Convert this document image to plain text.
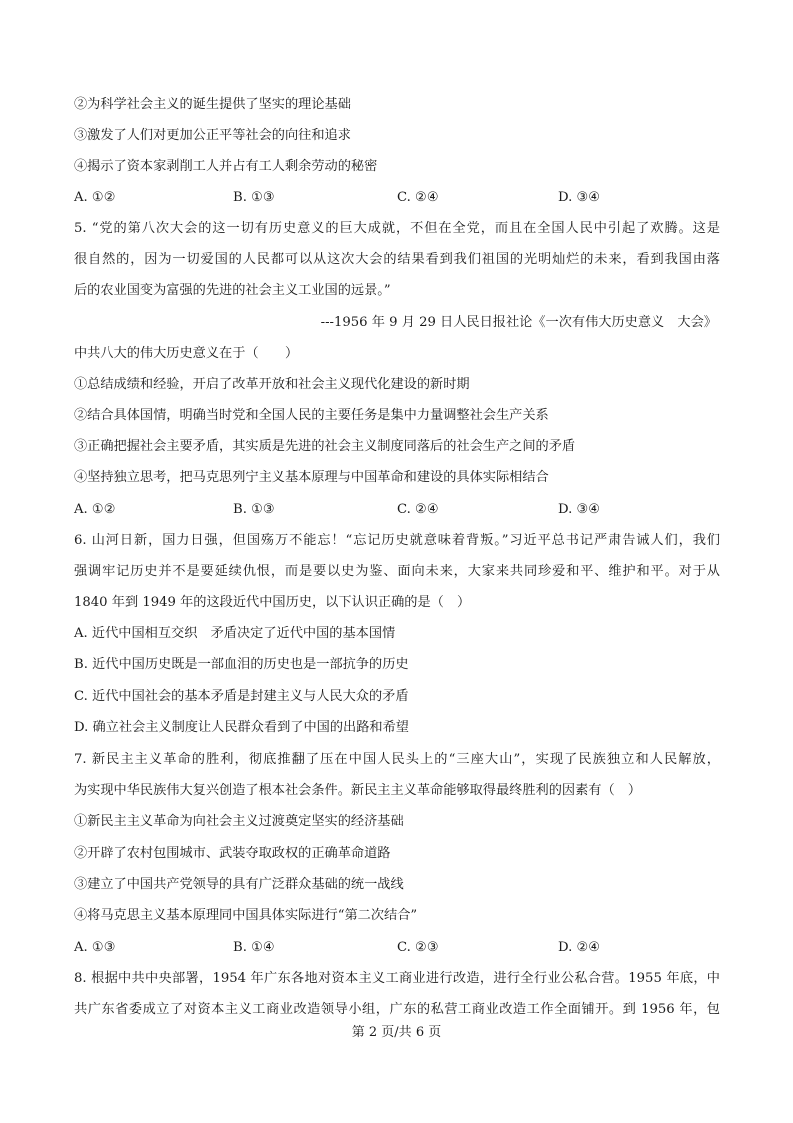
②为科学社会主义的诞生提供了坚实的理论基础
③激发了人们对更加公正平等社会的向往和追求
④揭示了资本家剥削工人并占有工人剩余劳动的秘密
A. ①②	B. ①③	C. ②④	D. ③④
5. “党的第八次大会的这一切有历史意义的巨大成就，不但在全党，而且在全国人民中引起了欢腾。这是
很自然的，因为一切爱国的人民都可以从这次大会的结果看到我们祖国的光明灿烂的未来，看到我国由落
后的农业国变为富强的先进的社会主义工业国的远景。”
---1956 年 9 月 29 日人民日报社论《一次有伟大历史意义　大会》
中共八大的伟大历史意义在于（　　）
①总结成绩和经验，开启了改革开放和社会主义现代化建设的新时期
②结合具体国情，明确当时党和全国人民的主要任务是集中力量调整社会生产关系
③正确把握社会主要矛盾，其实质是先进的社会主义制度同落后的社会生产之间的矛盾
④坚持独立思考，把马克思列宁主义基本原理与中国革命和建设的具体实际相结合
A. ①②	B. ①③	C. ②④	D. ③④
6. 山河日新，国力日强，但国殇万不能忘！“忘记历史就意味着背叛。”习近平总书记严肃告诫人们，我们
强调牢记历史并不是要延续仇恨，而是要以史为鉴、面向未来，大家来共同珍爱和平、维护和平。对于从
1840 年到 1949 年的这段近代中国历史，以下认识正确的是（　）
A. 近代中国相互交织　矛盾决定了近代中国的基本国情
B. 近代中国历史既是一部血泪的历史也是一部抗争的历史
C. 近代中国社会的基本矛盾是封建主义与人民大众的矛盾
D. 确立社会主义制度让人民群众看到了中国的出路和希望
7. 新民主主义革命的胜利，彻底推翻了压在中国人民头上的“三座大山”，实现了民族独立和人民解放，
为实现中华民族伟大复兴创造了根本社会条件。新民主主义革命能够取得最终胜利的因素有（　）
①新民主主义革命为向社会主义过渡奠定坚实的经济基础
②开辟了农村包围城市、武装夺取政权的正确革命道路
③建立了中国共产党领导的具有广泛群众基础的统一战线
④将马克思主义基本原理同中国具体实际进行“第二次结合”
A. ①③	B. ①④	C. ②③	D. ②④
8. 根据中共中央部署，1954 年广东各地对资本主义工商业进行改造，进行全行业公私合营。1955 年底，中
共广东省委成立了对资本主义工商业改造领导小组，广东的私营工商业改造工作全面铺开。到 1956 年，包
第 2 页/共 6 页
